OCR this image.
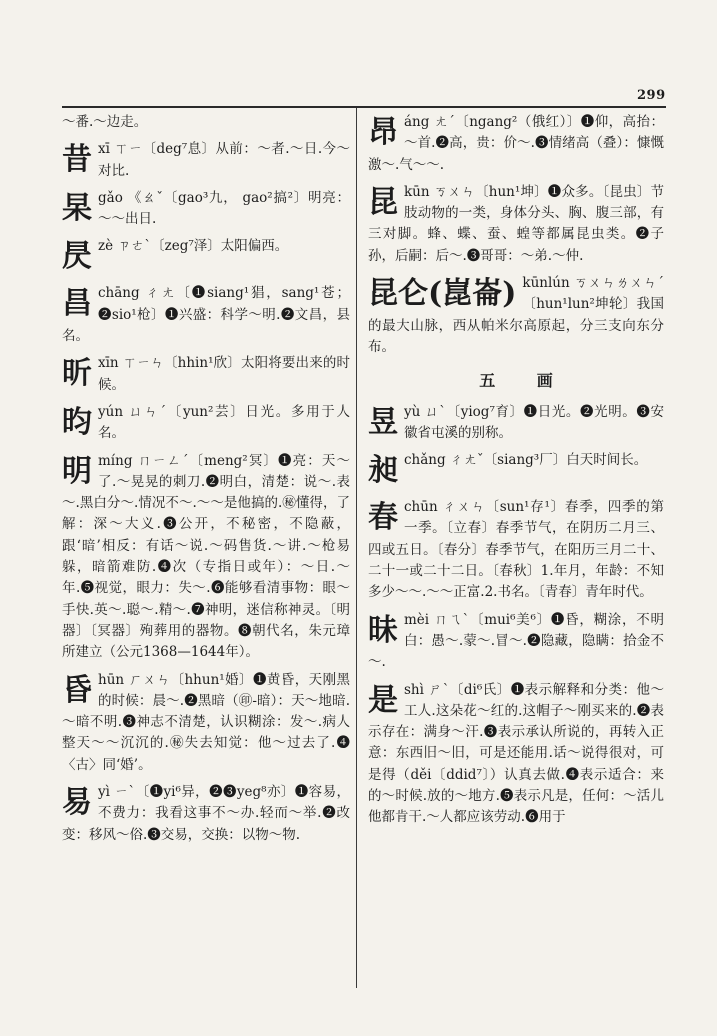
299
～番.～边走。
昔xī ㄒㄧ〔deg⁷息〕从前：～者.～日.今～对比.
杲gǎo 《ㄠˇ〔gao³九， gao²搞²〕明亮：～～出日.
昃zè ㄗㄜˋ〔zeg⁷泽〕太阳偏西。
昌chāng ㄔㄤ〔❶siang¹猖，sang¹苍；❷sio¹枪〕❶兴盛：科学～明.❷文昌，县名。
昕xīn ㄒㄧㄣ〔hhin¹欣〕太阳将要出来的时候。
昀yún ㄩㄣˊ〔yun²芸〕日光。多用于人名。
明míng ㄇㄧㄥˊ〔meng²冥〕❶亮：天～了.～晃晃的刺刀.❷明白，清楚：说～.表～.黑白分～.情况不～.～～是他搞的.㊙懂得，了解：深～大义.❸公开，不秘密，不隐蔽，跟‘暗’相反：有话～说.～码售货.～讲.～枪易躲，暗箭难防.❹次（专指日或年）：～日.～年.❺视觉，眼力：失～.❻能够看清事物：眼～手快.英～.聪～.精～.❼神明，迷信称神灵。〔明器〕〔冥器〕殉葬用的器物。❽朝代名，朱元璋所建立（公元1368—1644年）。
昏hūn ㄏㄨㄣ〔hhun¹婚〕❶黄昏，天刚黑的时候：晨～.❷黑暗（㊞-暗）：天～地暗.～暗不明.❸神志不清楚，认识糊涂：发～.病人整天～～沉沉的.㊙失去知觉：他～过去了.❹〈古〉同‘婚’。
易yì ㄧˋ〔❶yi⁶异，❷❸yeg⁸亦〕❶容易，不费力：我看这事不～办.轻而～举.❷改变：移风～俗.❸交易，交换：以物～物.
昂áng ㄤˊ〔ngang²（俄红）〕❶仰，高抬：～首.❷高，贵：价～.❸情绪高（叠）：慷慨激～.气～～.
昆kūn ㄎㄨㄣ〔hun¹坤〕❶众多。〔昆虫〕节肢动物的一类，身体分头、胸、腹三部，有三对脚。蜂、蝶、蚕、蝗等都属昆虫类。❷子孙，后嗣：后～.❸哥哥：～弟.～仲.
昆仑(崑崙) kūnlún ㄎㄨㄣㄌㄨㄣˊ〔hun¹lun²坤轮〕我国的最大山脉，西从帕米尔高原起，分三支向东分布。
五 画
昱yù ㄩˋ〔yiog⁷育〕❶日光。❷光明。❸安徽省屯溪的别称。
昶chǎng ㄔㄤˇ〔siang³厂〕白天时间长。
春chūn ㄔㄨㄣ〔sun¹存¹〕春季，四季的第一季。〔立春〕春季节气，在阴历二月三、四或五日。〔春分〕春季节气，在阳历三月二十、二十一或二十二日。〔春秋〕1.年月，年龄：不知多少～～.～～正富.2.书名。〔青春〕青年时代。
昧mèi ㄇㄟˋ〔mui⁶美⁶〕❶昏，糊涂，不明白：愚～.蒙～.冒～.❷隐藏，隐瞒：拾金不～.
是shì ㄕˋ〔di⁶氏〕❶表示解释和分类：他～工人.这朵花～红的.这帽子～刚买来的.❷表示存在：满身～汗.❸表示承认所说的，再转入正意：东西旧～旧，可是还能用.话～说得很对，可是得（děi〔ddid⁷〕）认真去做.❹表示适合：来的～时候.放的～地方.❺表示凡是，任何：～活儿他都肯干.～人都应该劳动.❻用于
